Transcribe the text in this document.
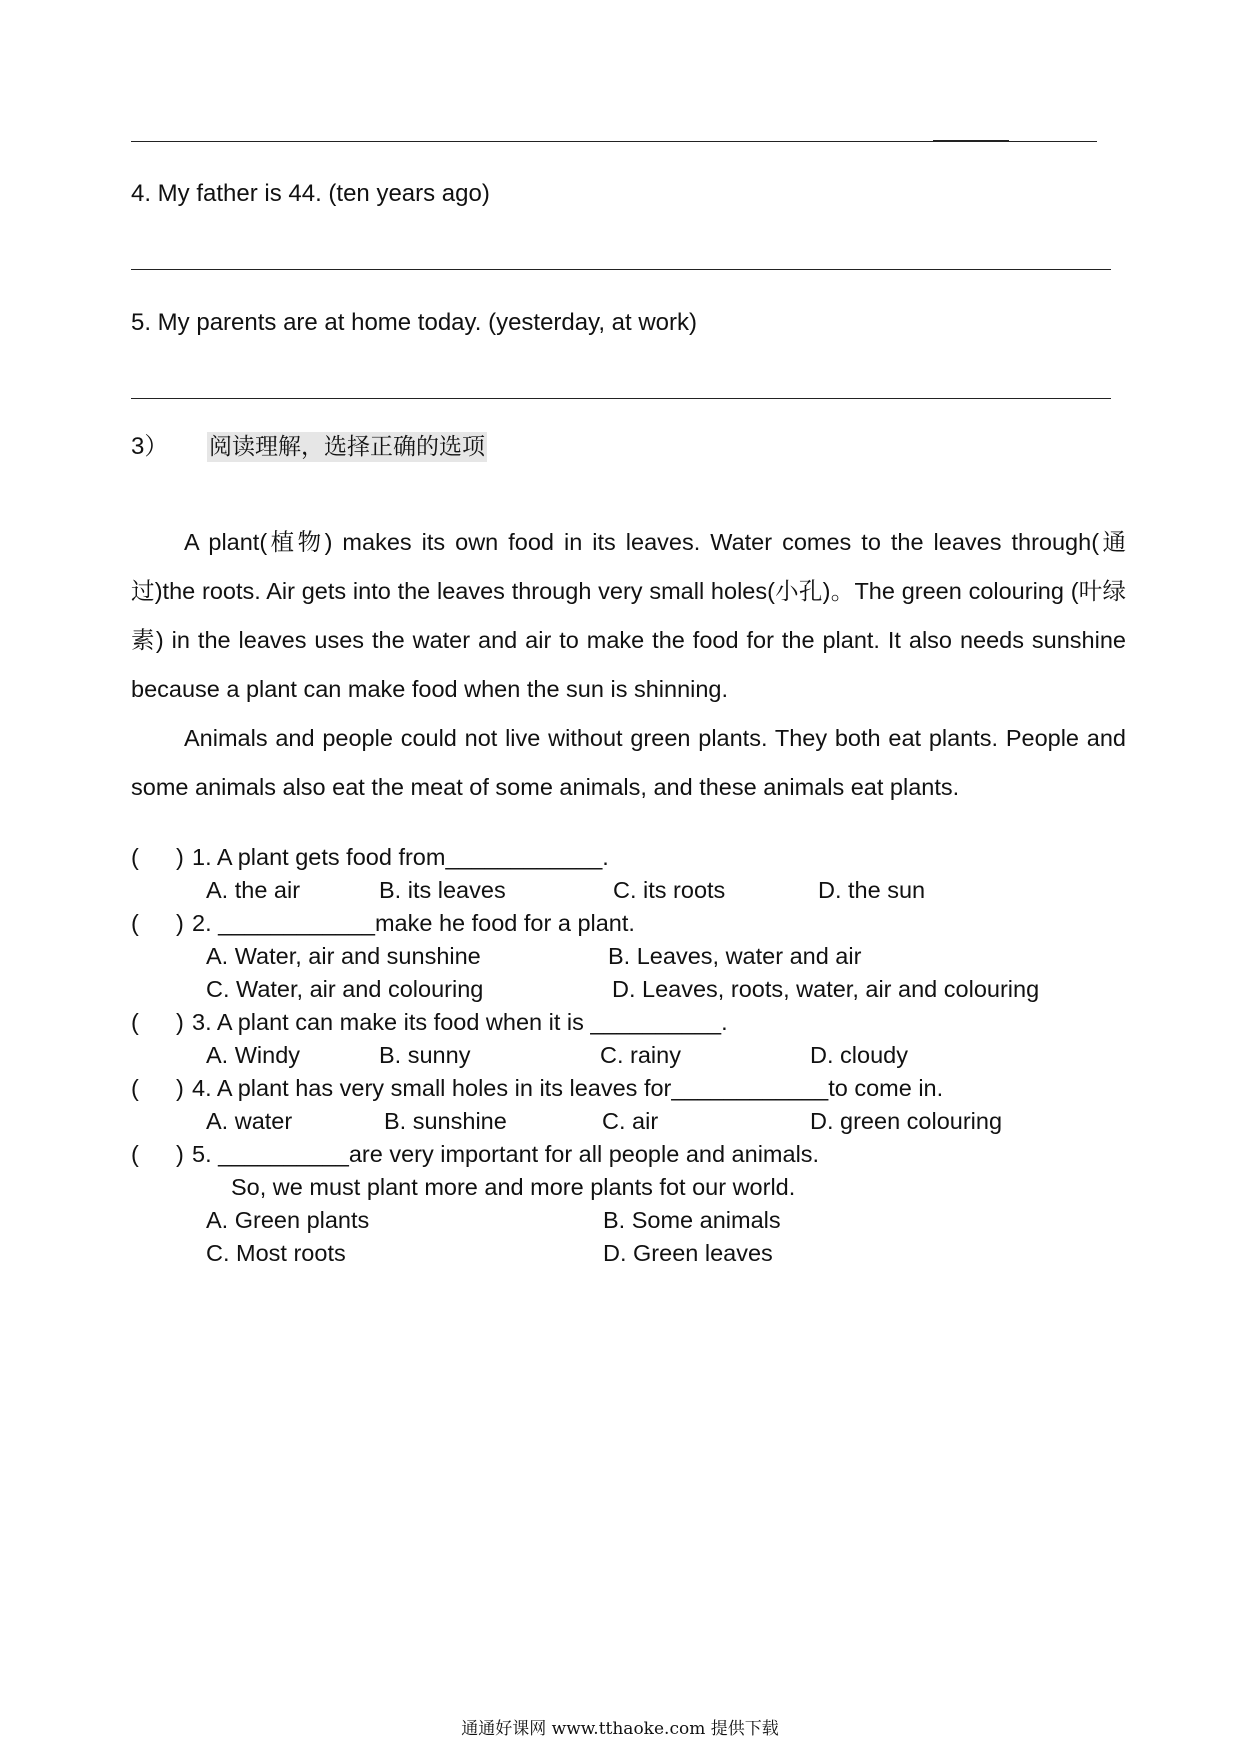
4. My father is 44. (ten years ago)
5. My parents are at home today. (yesterday, at work)
3） 阅读理解，选择正确的选项

A plant(植物) makes its own food in its leaves. Water comes to the leaves through(通过)the roots. Air gets into the leaves through very small holes(小孔)。The green colouring (叶绿素) in the leaves uses the water and air to make the food for the plant. It also needs sunshine because a plant can make food when the sun is shinning.

Animals and people could not live without green plants. They both eat plants. People and some animals also eat the meat of some animals, and these animals eat plants.

( ) 1. A plant gets food from____________.
A. the air	B. its leaves	C. its roots	D. the sun
( ) 2. ____________make he food for a plant.
A. Water, air and sunshine	B. Leaves, water and air
C. Water, air and colouring	D. Leaves, roots, water, air and colouring
( ) 3. A plant can make its food when it is __________.
A. Windy	B. sunny	C. rainy	D. cloudy
( ) 4. A plant has very small holes in its leaves for____________to come in.
A. water	B. sunshine	C. air	D. green colouring
( ) 5. __________are very important for all people and animals.
So, we must plant more and more plants fot our world.
A. Green plants	B. Some animals
C. Most roots	D. Green leaves
通通好课网 www.tthaoke.com 提供下载
